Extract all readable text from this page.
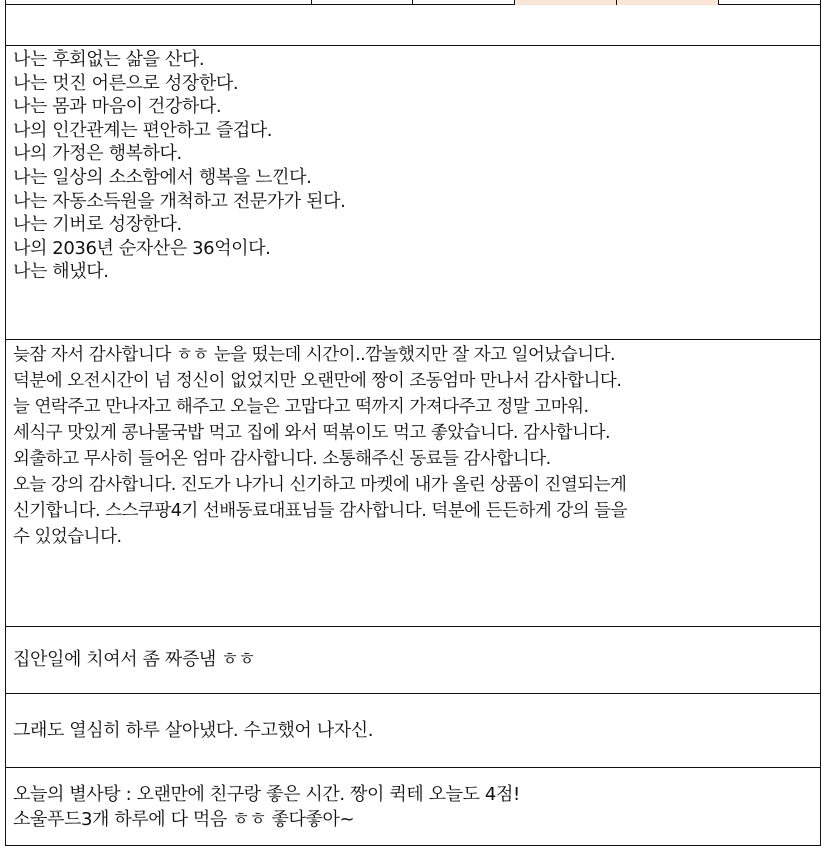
나는 후회없는 삶을 산다.
나는 멋진 어른으로 성장한다.
나는 몸과 마음이 건강하다.
나의 인간관계는 편안하고 즐겁다.
나의 가정은 행복하다.
나는 일상의 소소함에서 행복을 느낀다.
나는 자동소득원을 개척하고 전문가가 된다.
나는 기버로 성장한다.
나의 2036년 순자산은 36억이다.
나는 해냈다.
늦잠 자서 감사합니다 ㅎㅎ 눈을 떴는데 시간이..깜놀했지만 잘 자고 일어났습니다.
덕분에 오전시간이 넘 정신이 없었지만 오랜만에 짱이 조동엄마 만나서 감사합니다.
늘 연락주고 만나자고 해주고 오늘은 고맙다고 떡까지 가져다주고 정말 고마워.
세식구 맛있게 콩나물국밥 먹고 집에 와서 떡볶이도 먹고 좋았습니다. 감사합니다.
외출하고 무사히 들어온 엄마 감사합니다. 소통해주신 동료들 감사합니다.
오늘 강의 감사합니다. 진도가 나가니 신기하고 마켓에 내가 올린 상품이 진열되는게
신기합니다. 스스쿠팡4기 선배동료대표님들 감사합니다. 덕분에 든든하게 강의 들을
수 있었습니다.
집안일에 치여서 좀 짜증냄 ㅎㅎ
그래도 열심히 하루 살아냈다. 수고했어 나자신.
오늘의 별사탕 : 오랜만에 친구랑 좋은 시간. 짱이 퀵테 오늘도 4점!
소울푸드3개 하루에 다 먹음 ㅎㅎ 좋다좋아~
